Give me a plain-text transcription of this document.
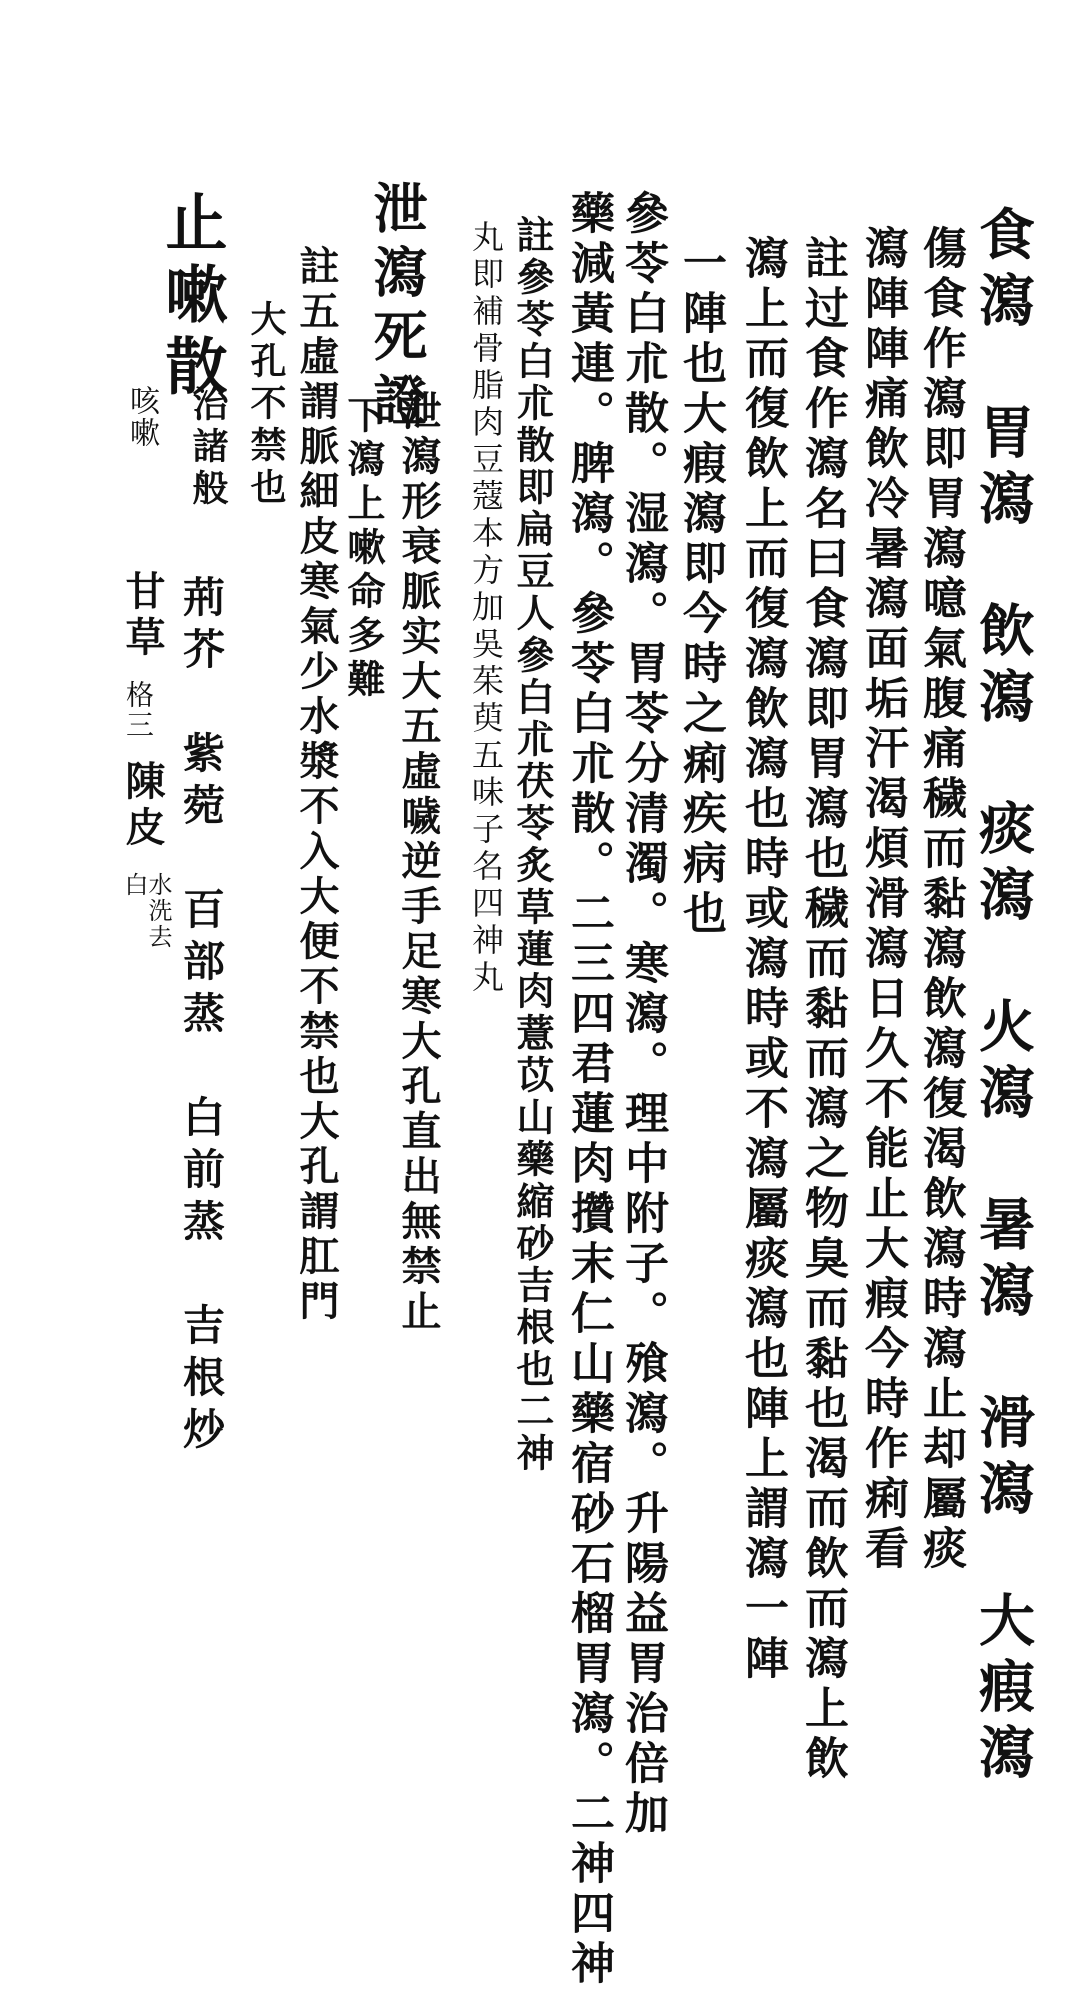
食瀉　胃瀉　飲瀉　痰瀉　火瀉　暑瀉　滑瀉　大瘕瀉
傷食作瀉即胃瀉噫氣腹痛穢而黏瀉飲瀉復渴飲瀉時瀉止却屬痰
瀉陣陣痛飲冷暑瀉面垢汗渴煩滑瀉日久不能止大瘕今時作痢看
註过食作瀉名曰食瀉即胃瀉也穢而黏而瀉之物臭而黏也渴而飲而瀉上飲
瀉上而復飲上而復瀉飲瀉也時或瀉時或不瀉屬痰瀉也陣上謂瀉一陣
一陣也大瘕瀉即今時之痢疾病也
參苓白朮散。湿瀉。胃苓分清濁。寒瀉。理中附子。飱瀉。升陽益胃治倍加
藥減黃連。脾瀉。參苓白朮散。二三四君蓮肉攢末仁山藥宿砂石榴胃瀉。二神四神
註參苓白朮散即扁豆人參白朮茯苓炙草蓮肉薏苡山藥縮砂吉根也二神
丸即補骨脂肉豆蔻本方加吳茱萸五味子名四神丸
泄瀉死證
泄瀉形衰脈实大五虛噦逆手足寒大孔直出無禁止
下瀉上嗽命多難
註五虛謂脈細皮寒氣少水漿不入大便不禁也大孔謂肛門
大孔不禁也
止嗽散
治諸般
咳嗽
荊芥　紫菀　百部蒸　白前蒸　吉根炒
甘草
格三
陳皮
水洗去白
